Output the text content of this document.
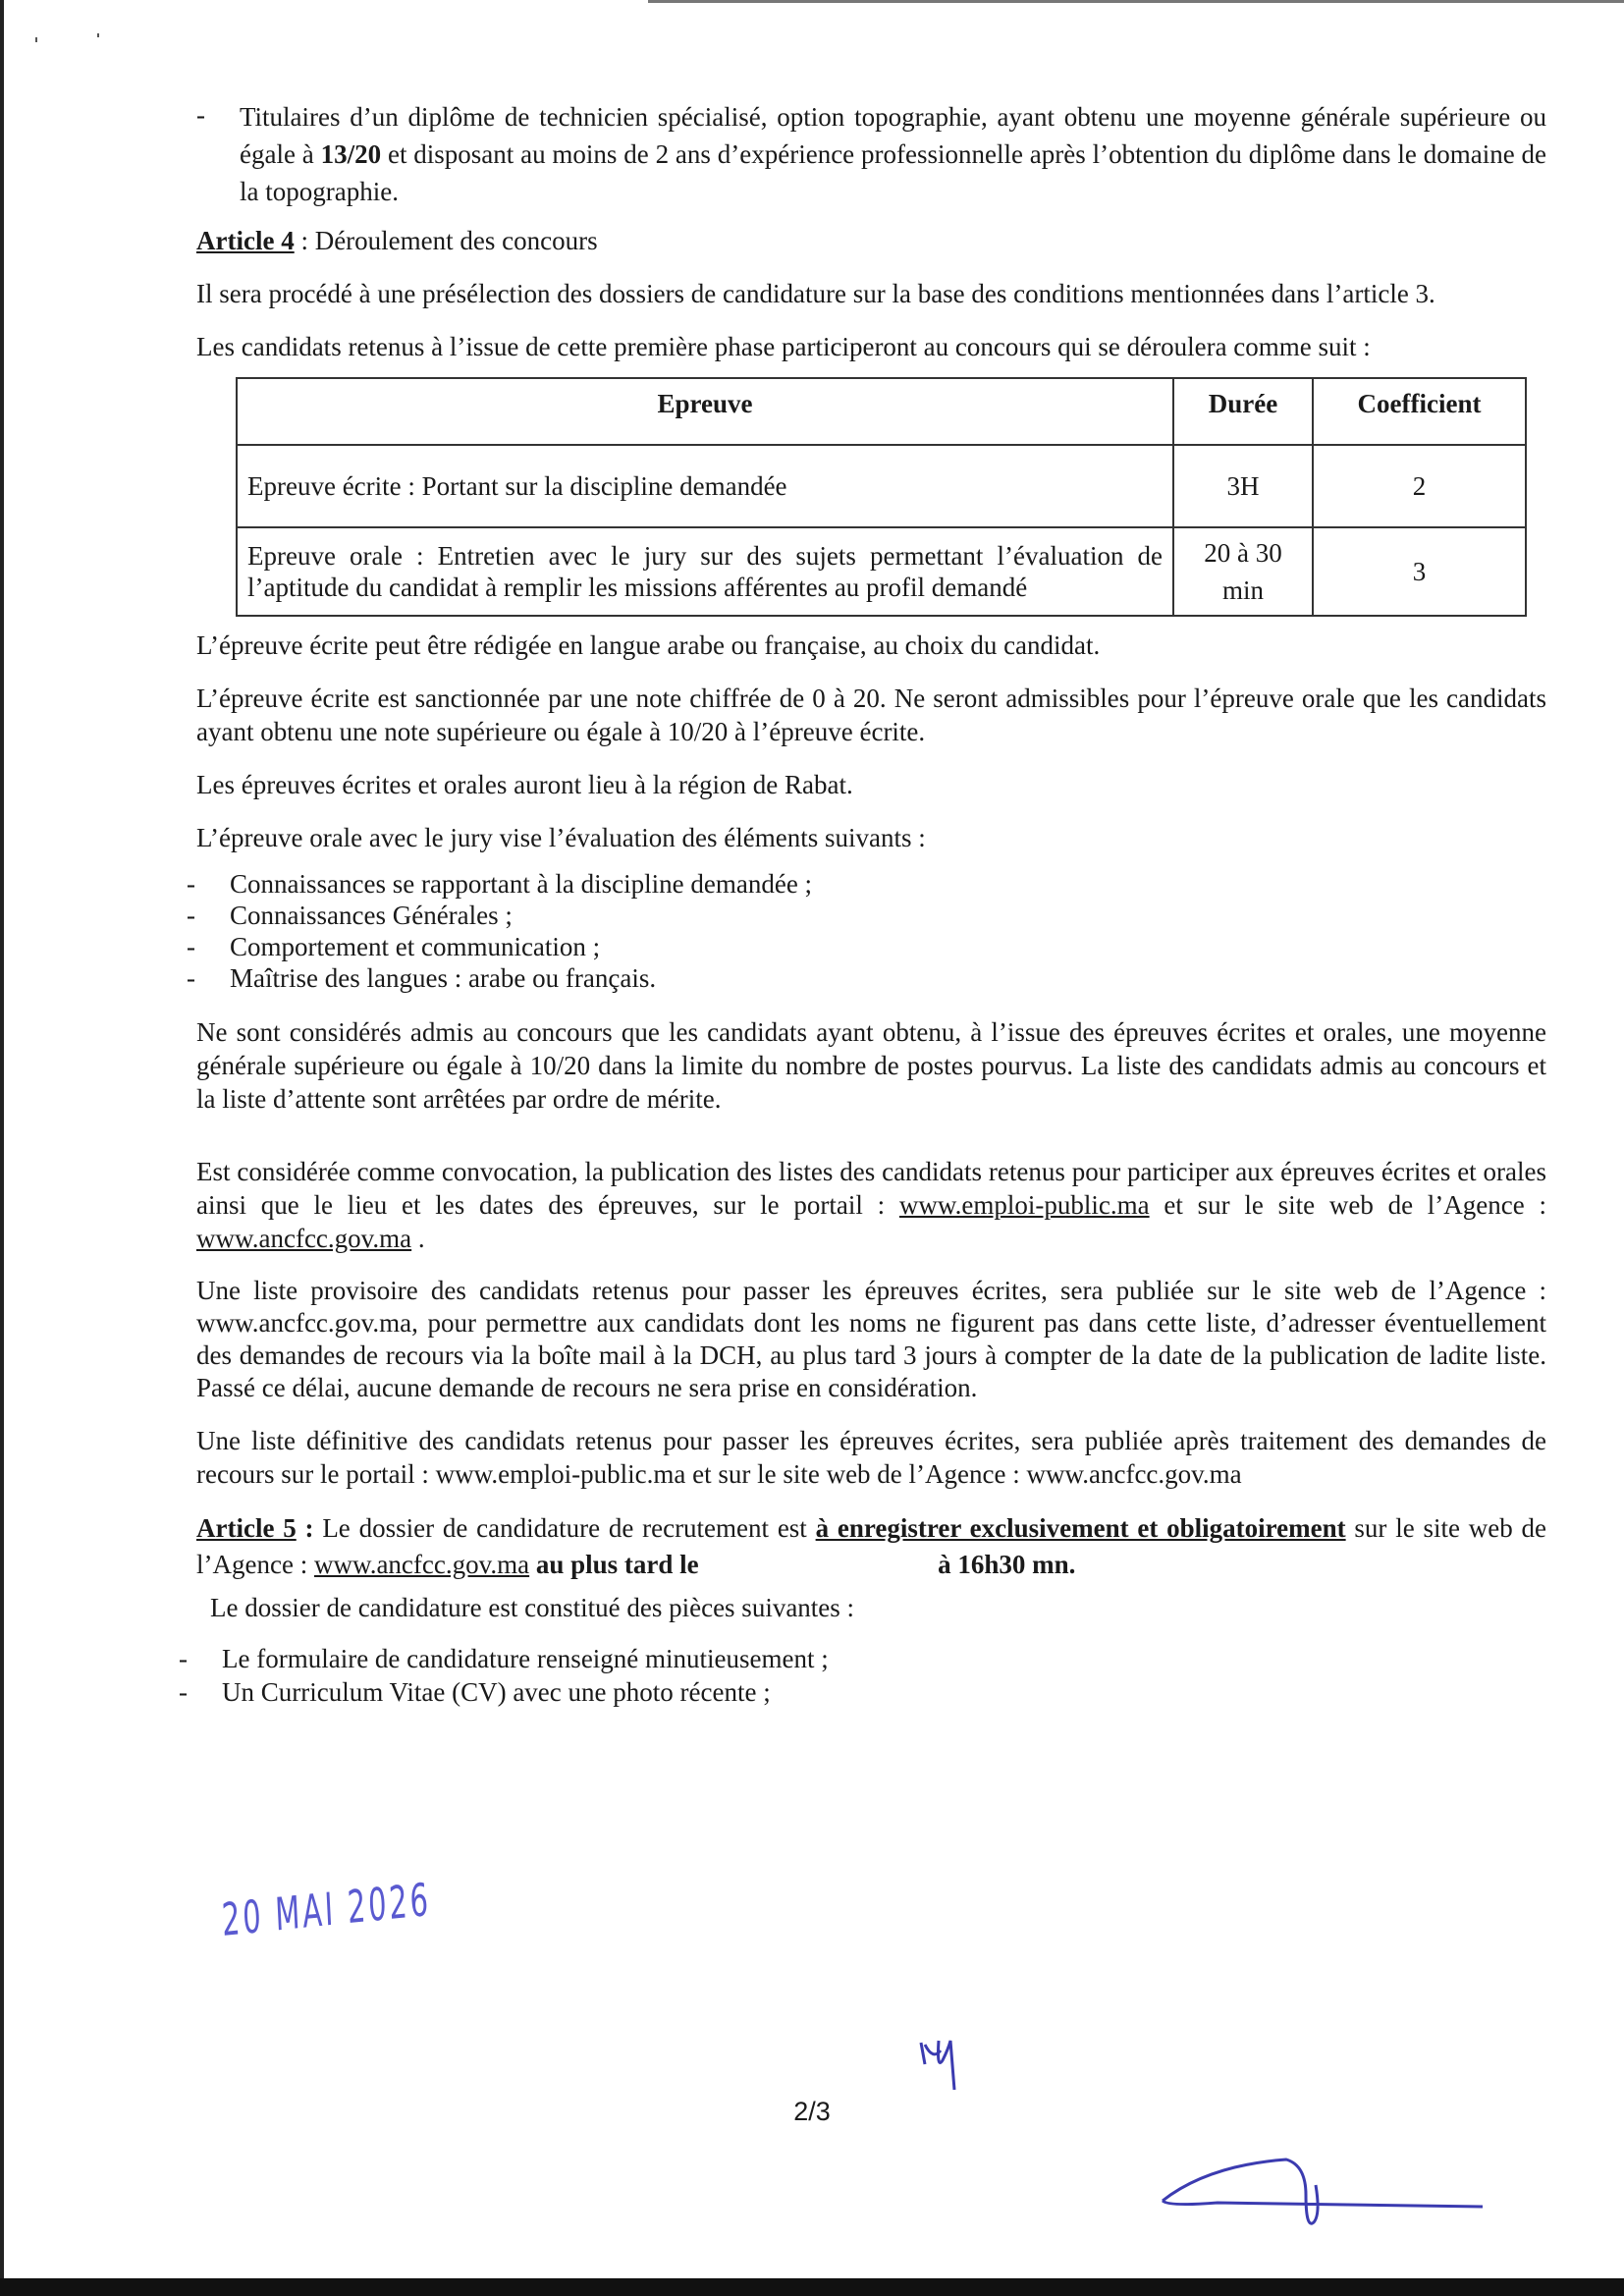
-	Titulaires d’un diplôme de technicien spécialisé, option topographie, ayant obtenu une moyenne générale supérieure ou égale à 13/20 et disposant au moins de 2 ans d’expérience professionnelle après l’obtention du diplôme dans le domaine de la topographie.

Article 4 : Déroulement des concours

Il sera procédé à une présélection des dossiers de candidature sur la base des conditions mentionnées dans l’article 3.

Les candidats retenus à l’issue de cette première phase participeront au concours qui se déroulera comme suit :

Epreuve	Durée	Coefficient
Epreuve écrite : Portant sur la discipline demandée	3H	2
Epreuve orale : Entretien avec le jury sur des sujets permettant l’évaluation de l’aptitude du candidat à remplir les missions afférentes au profil demandé	20 à 30 min	3

L’épreuve écrite peut être rédigée en langue arabe ou française, au choix du candidat.

L’épreuve écrite est sanctionnée par une note chiffrée de 0 à 20. Ne seront admissibles pour l’épreuve orale que les candidats ayant obtenu une note supérieure ou égale à 10/20 à l’épreuve écrite.

Les épreuves écrites et orales auront lieu à la région de Rabat.

L’épreuve orale avec le jury vise l’évaluation des éléments suivants :

-	Connaissances se rapportant à la discipline demandée ;
-	Connaissances Générales ;
-	Comportement et communication ;
-	Maîtrise des langues : arabe ou français.

Ne sont considérés admis au concours que les candidats ayant obtenu, à l’issue des épreuves écrites et orales, une moyenne générale supérieure ou égale à 10/20 dans la limite du nombre de postes pourvus. La liste des candidats admis au concours et la liste d’attente sont arrêtées par ordre de mérite.

Est considérée comme convocation, la publication des listes des candidats retenus pour participer aux épreuves écrites et orales ainsi que le lieu et les dates des épreuves, sur le portail : www.emploi-public.ma et sur le site web de l’Agence : www.ancfcc.gov.ma .

Une liste provisoire des candidats retenus pour passer les épreuves écrites, sera publiée sur le site web de l’Agence : www.ancfcc.gov.ma, pour permettre aux candidats dont les noms ne figurent pas dans cette liste, d’adresser éventuellement des demandes de recours via la boîte mail à la DCH, au plus tard 3 jours à compter de la date de la publication de ladite liste. Passé ce délai, aucune demande de recours ne sera prise en considération.

Une liste définitive des candidats retenus pour passer les épreuves écrites, sera publiée après traitement des demandes de recours sur le portail : www.emploi-public.ma et sur le site web de l’Agence : www.ancfcc.gov.ma

Article 5 : Le dossier de candidature de recrutement est à enregistrer exclusivement et obligatoirement sur le site web de l’Agence : www.ancfcc.gov.ma au plus tard le	à 16h30 mn.

Le dossier de candidature est constitué des pièces suivantes :

-	Le formulaire de candidature renseigné minutieusement ;
-	Un Curriculum Vitae (CV) avec une photo récente ;
20 MAI 2026
2/3
